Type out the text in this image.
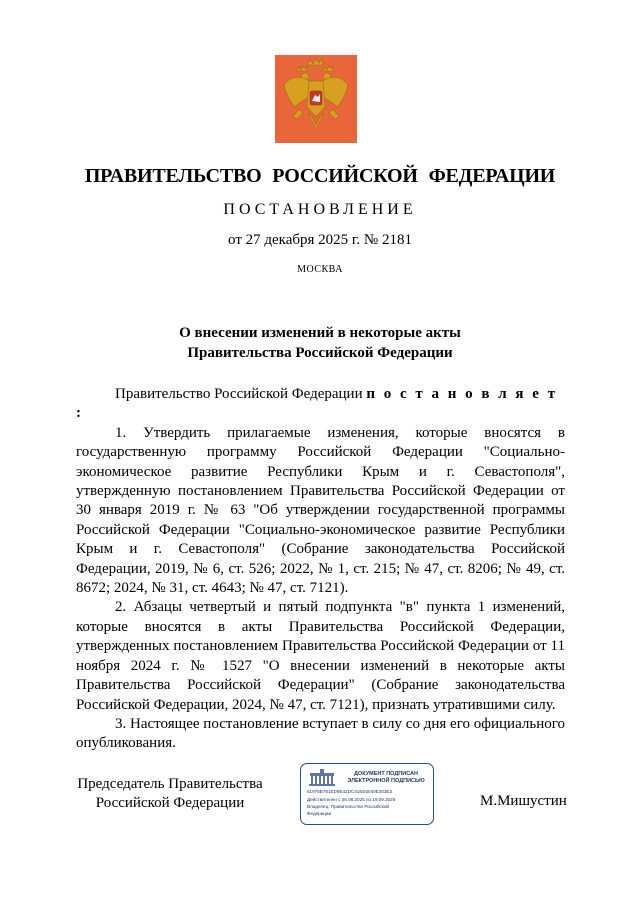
ПРАВИТЕЛЬСТВО РОССИЙСКОЙ ФЕДЕРАЦИИ
ПОСТАНОВЛЕНИЕ
от 27 декабря 2025 г. № 2181
МОСКВА
О внесении изменений в некоторые акты
Правительства Российской Федерации

Правительство Российской Федерации п о с т а н о в л я е т :

1. Утвердить прилагаемые изменения, которые вносятся в государственную программу Российской Федерации "Социально-экономическое развитие Республики Крым и г. Севастополя", утвержденную постановлением Правительства Российской Федерации от 30 января 2019 г. № 63 "Об утверждении государственной программы Российской Федерации "Социально-экономическое развитие Республики Крым и г. Севастополя" (Собрание законодательства Российской Федерации, 2019, № 6, ст. 526; 2022, № 1, ст. 215; № 47, ст. 8206; № 49, ст. 8672; 2024, № 31, ст. 4643; № 47, ст. 7121).

2. Абзацы четвертый и пятый подпункта "в" пункта 1 изменений, которые вносятся в акты Правительства Российской Федерации, утвержденных постановлением Правительства Российской Федерации от 11 ноября 2024 г. № 1527 "О внесении изменений в некоторые акты Правительства Российской Федерации" (Собрание законодательства Российской Федерации, 2024, № 47, ст. 7121), признать утратившими силу.

3. Настоящее постановление вступает в силу со дня его официального опубликования.

Председатель Правительства
Российской Федерации
ДОКУМЕНТ ПОДПИСАН
ЭЛЕКТРОННОЙ ПОДПИСЬЮ
51976B781ED9E42DC41EE5040E303E3
Действителен с 26.06.2025 по 19.09.2026
Владелец: Правительство Российской
Федерации
М.Мишустин
